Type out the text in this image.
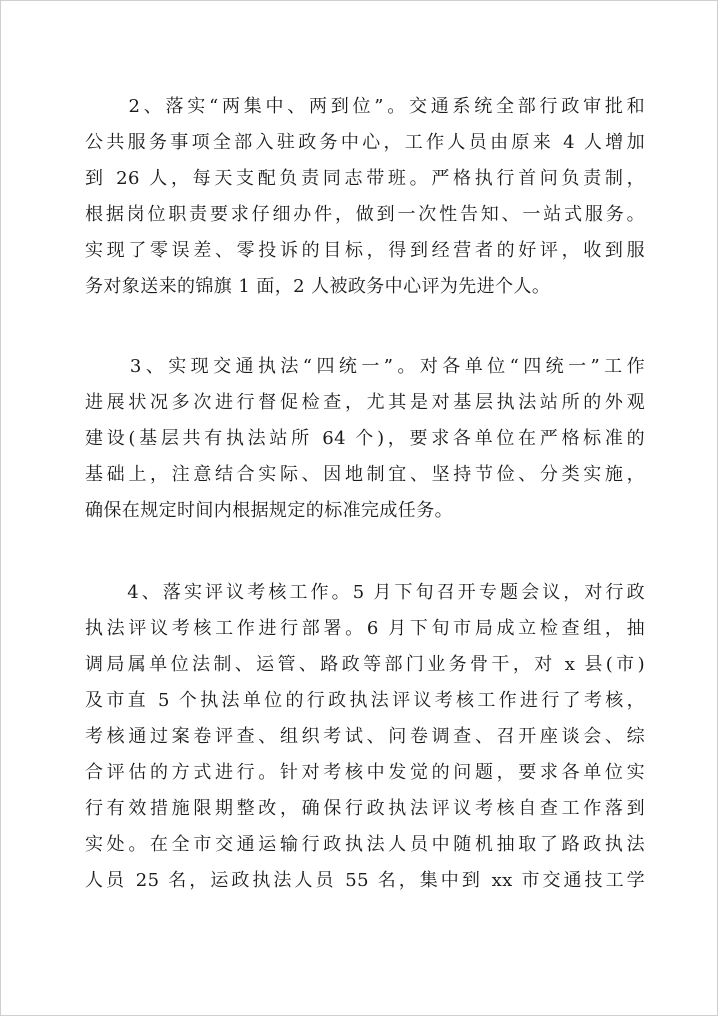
　　2、落实“两集中、两到位”。交通系统全部行政审批和
公共服务事项全部入驻政务中心，工作人员由原来 4 人增加
到 26 人，每天支配负责同志带班。严格执行首问负责制，
根据岗位职责要求仔细办件，做到一次性告知、一站式服务。
实现了零误差、零投诉的目标，得到经营者的好评，收到服
务对象送来的锦旗 1 面，2 人被政务中心评为先进个人。
　　3、实现交通执法“四统一”。对各单位“四统一”工作
进展状况多次进行督促检查，尤其是对基层执法站所的外观
建设(基层共有执法站所 64 个)，要求各单位在严格标准的
基础上，注意结合实际、因地制宜、坚持节俭、分类实施，
确保在规定时间内根据规定的标准完成任务。
　　4、落实评议考核工作。5 月下旬召开专题会议，对行政
执法评议考核工作进行部署。6 月下旬市局成立检查组，抽
调局属单位法制、运管、路政等部门业务骨干，对 x 县(市)
及市直 5 个执法单位的行政执法评议考核工作进行了考核，
考核通过案卷评查、组织考试、问卷调查、召开座谈会、综
合评估的方式进行。针对考核中发觉的问题，要求各单位实
行有效措施限期整改，确保行政执法评议考核自查工作落到
实处。在全市交通运输行政执法人员中随机抽取了路政执法
人员 25 名，运政执法人员 55 名，集中到 xx 市交通技工学
